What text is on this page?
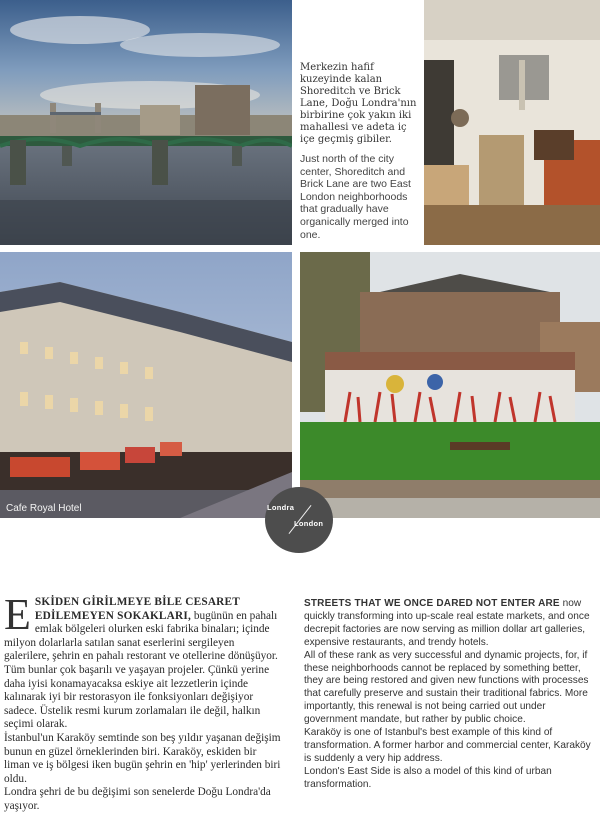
Cafe Royal Hotel

Merkezin hafif kuzeyinde kalan Shoreditch ve Brick Lane, Doğu Londra'nın birbirine çok yakın iki mahallesi ve adeta iç içe geçmiş gibiler.

Just north of the city center, Shoreditch and Brick Lane are two East London neighborhoods that gradually have organically merged into one.

Londra
London

ESKİDEN GİRİLMEYE BİLE CESARET EDİLEMEYEN SOKAKLARI, bugünün en pahalı emlak bölgeleri olurken eski fabrika binaları; içinde milyon dolarlarla satılan sanat eserlerini sergileyen galerilere, şehrin en pahalı restorant ve otellerine dönüşüyor.

Tüm bunlar çok başarılı ve yaşayan projeler. Çünkü yerine daha iyisi konamayacaksa eskiye ait lezzetlerin içinde kalınarak iyi bir restorasyon ile fonksiyonları değişiyor sadece. Üstelik resmi kurum zorlamaları ile değil, halkın seçimi olarak.

İstanbul'un Karaköy semtinde son beş yıldır yaşanan değişim bunun en güzel örneklerinden biri. Karaköy, eskiden bir liman ve iş bölgesi iken bugün şehrin en 'hip' yerlerinden biri oldu.

Londra şehri de bu değişimi son senelerde Doğu Londra'da yaşıyor.

STREETS THAT WE ONCE DARED NOT ENTER ARE now quickly transforming into up-scale real estate markets, and once decrepit factories are now serving as million dollar art galleries, expensive restaurants, and trendy hotels.

All of these rank as very successful and dynamic projects, for, if these neighborhoods cannot be replaced by something better, they are being restored and given new functions with processes that carefully preserve and sustain their traditional fabrics. More importantly, this renewal is not being carried out under government mandate, but rather by public choice.

Karaköy is one of Istanbul's best example of this kind of transformation. A former harbor and commercial center, Karaköy is suddenly a very hip address.

London's East Side is also a model of this kind of urban transformation.
